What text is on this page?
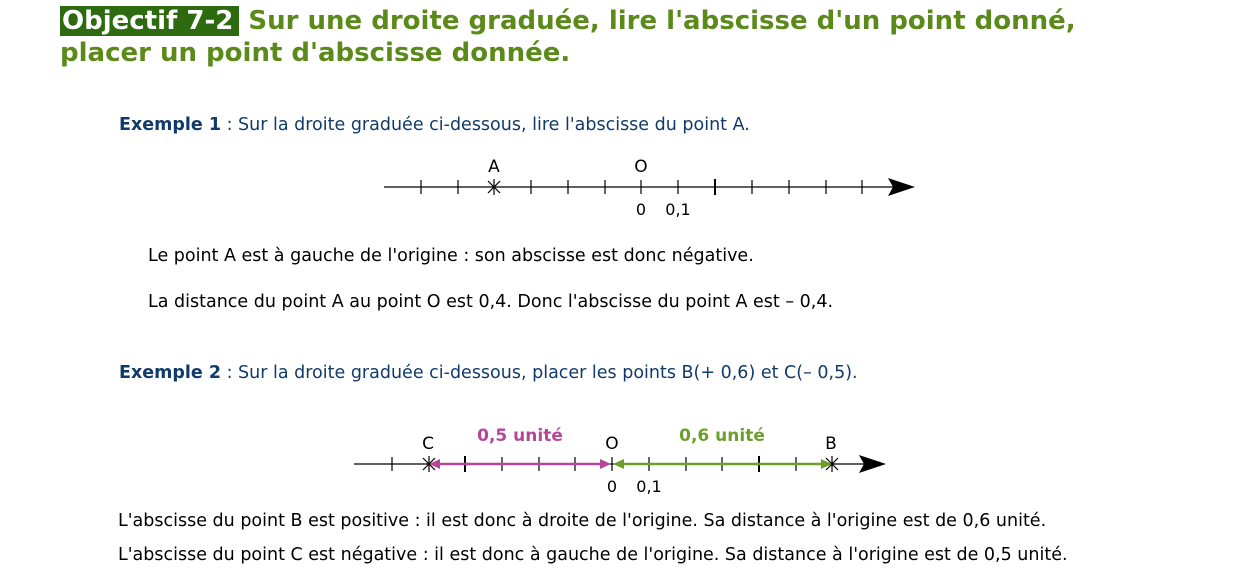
Objectif 7-2 Sur une droite graduée, lire l'abscisse d'un point donné,
placer un point d'abscisse donnée.
Exemple 1 : Sur la droite graduée ci-dessous, lire l'abscisse du point A.
A	O
0 0,1
Le point A est à gauche de l'origine : son abscisse est donc négative.
La distance du point A au point O est 0,4. Donc l'abscisse du point A est – 0,4.
Exemple 2 : Sur la droite graduée ci-dessous, placer les points B(+ 0,6) et C(– 0,5).
C	O	B
0,5 unité	0,6 unité
0 0,1
L'abscisse du point B est positive : il est donc à droite de l'origine. Sa distance à l'origine est de 0,6 unité.
L'abscisse du point C est négative : il est donc à gauche de l'origine. Sa distance à l'origine est de 0,5 unité.
